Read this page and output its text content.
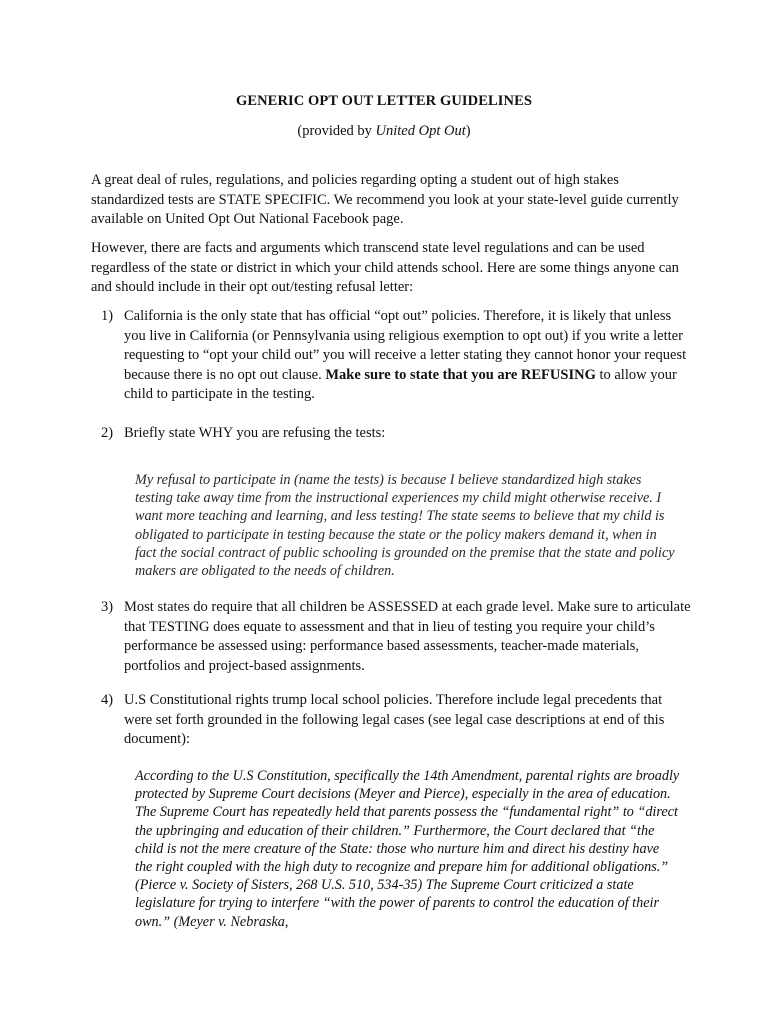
GENERIC OPT OUT LETTER GUIDELINES
(provided by United Opt Out)
A great deal of rules, regulations, and policies regarding opting a student out of high stakes standardized tests are STATE SPECIFIC. We recommend you look at your state-level guide currently available on United Opt Out National Facebook page.
However, there are facts and arguments which transcend state level regulations and can be used regardless of the state or district in which your child attends school. Here are some things anyone can and should include in their opt out/testing refusal letter:
1) California is the only state that has official “opt out” policies. Therefore, it is likely that unless you live in California (or Pennsylvania using religious exemption to opt out) if you write a letter requesting to “opt your child out” you will receive a letter stating they cannot honor your request because there is no opt out clause. Make sure to state that you are REFUSING to allow your child to participate in the testing.
2) Briefly state WHY you are refusing the tests:
My refusal to participate in (name the tests) is because I believe standardized high stakes testing take away time from the instructional experiences my child might otherwise receive. I want more teaching and learning, and less testing! The state seems to believe that my child is obligated to participate in testing because the state or the policy makers demand it, when in fact the social contract of public schooling is grounded on the premise that the state and policy makers are obligated to the needs of children.
3) Most states do require that all children be ASSESSED at each grade level. Make sure to articulate that TESTING does equate to assessment and that in lieu of testing you require your child’s performance be assessed using: performance based assessments, teacher-made materials, portfolios and project-based assignments.
4) U.S Constitutional rights trump local school policies. Therefore include legal precedents that were set forth grounded in the following legal cases (see legal case descriptions at end of this document):
According to the U.S Constitution, specifically the 14th Amendment, parental rights are broadly protected by Supreme Court decisions (Meyer and Pierce), especially in the area of education. The Supreme Court has repeatedly held that parents possess the “fundamental right” to “direct the upbringing and education of their children.” Furthermore, the Court declared that “the child is not the mere creature of the State: those who nurture him and direct his destiny have the right coupled with the high duty to recognize and prepare him for additional obligations.” (Pierce v. Society of Sisters, 268 U.S. 510, 534-35) The Supreme Court criticized a state legislature for trying to interfere “with the power of parents to control the education of their own.” (Meyer v. Nebraska,
